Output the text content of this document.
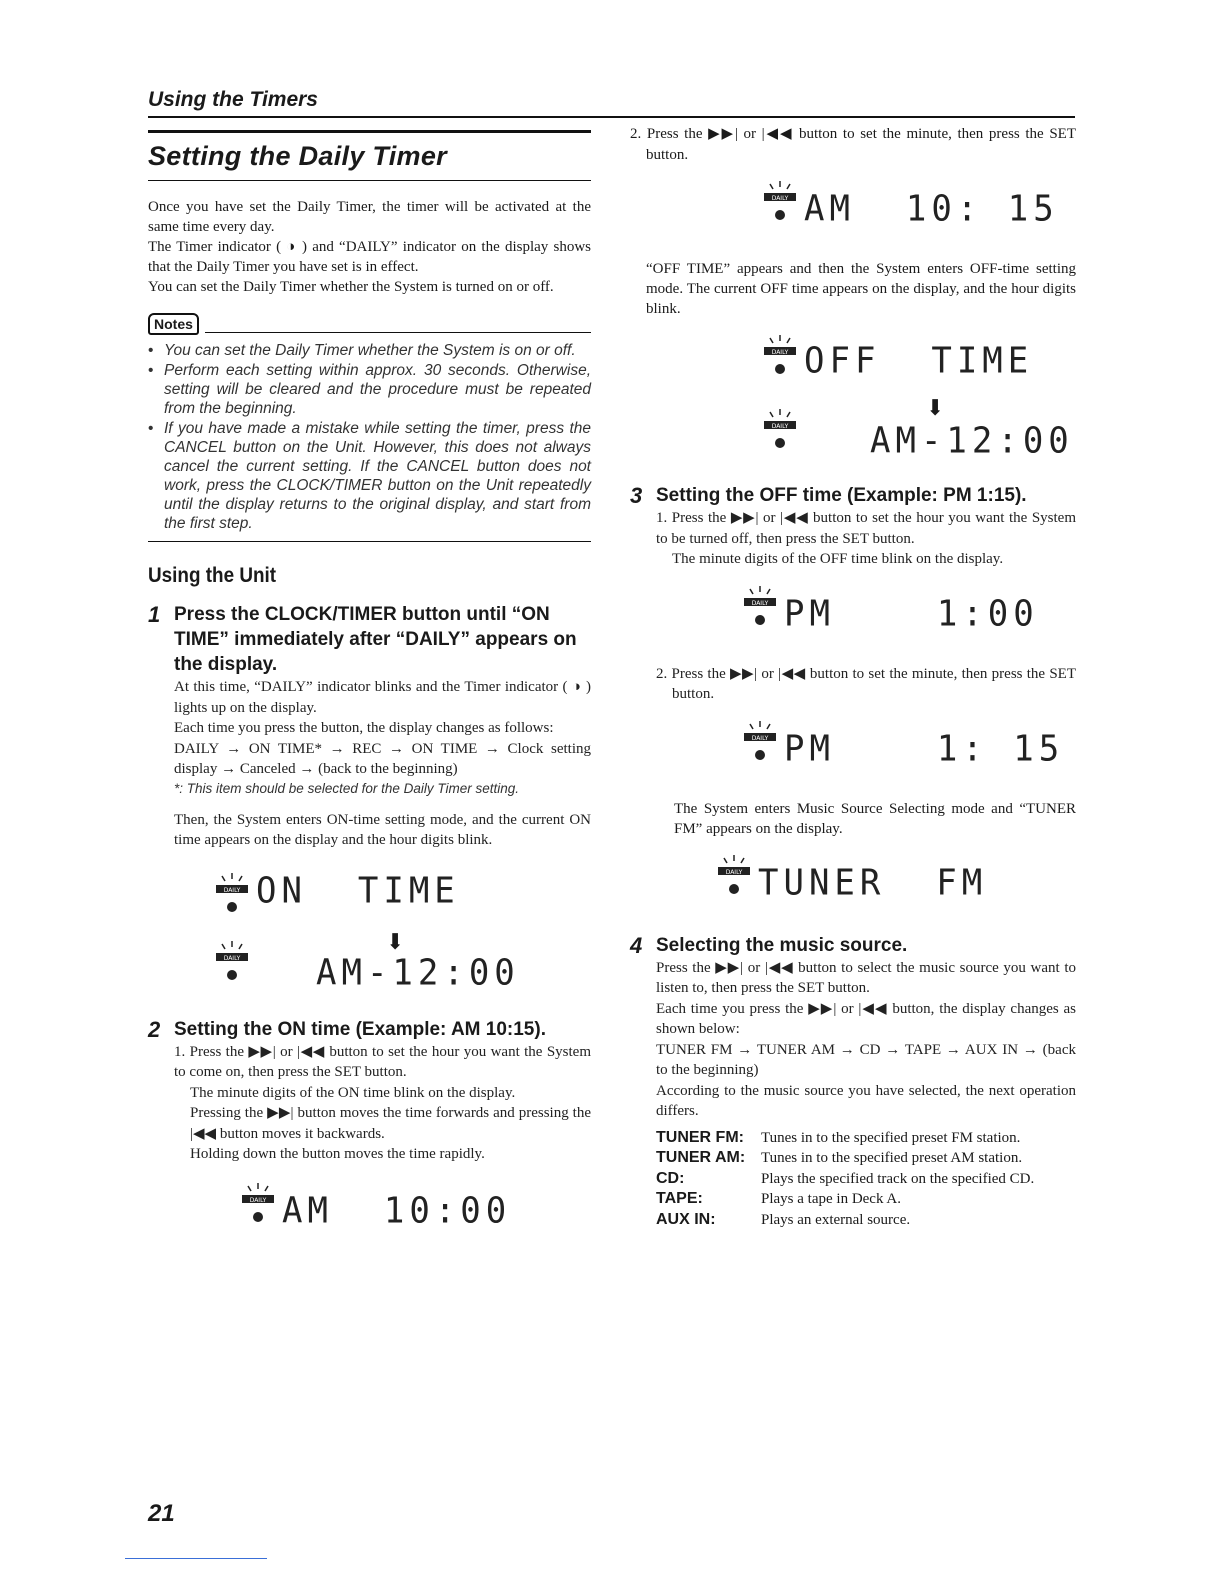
Using the Timers
Setting the Daily Timer

Once you have set the Daily Timer, the timer will be activated at the same time every day.

The Timer indicator ( ◑ ) and “DAILY” indicator on the display shows that the Daily Timer you have set is in effect.

You can set the Daily Timer whether the System is turned on or off.

Notes
• You can set the Daily Timer whether the System is on or off.
• Perform each setting within approx. 30 seconds. Otherwise, setting will be cleared and the procedure must be repeated from the beginning.
• If you have made a mistake while setting the timer, press the CANCEL button on the Unit. However, this does not always cancel the current setting. If the CANCEL button does not work, press the CLOCK/TIMER button on the Unit repeatedly until the display returns to the original display, and start from the first step.
Using the Unit
1 Press the CLOCK/TIMER button until “ON TIME” immediately after “DAILY” appears on the display.

At this time, “DAILY” indicator blinks and the Timer indicator ( ◑ ) lights up on the display.

Each time you press the button, the display changes as follows:

DAILY → ON TIME* → REC → ON TIME → Clock setting display → Canceled → (back to the beginning)

*: This item should be selected for the Daily Timer setting.

Then, the System enters ON-time setting mode, and the current ON time appears on the display and the hour digits blink.

DAILY ON  TIME
⬇
DAILY AM-12:00
2 Setting the ON time (Example: AM 10:15).

1. Press the ▶▶| or |◀◀ button to set the hour you want the System to come on, then press the SET button.

The minute digits of the ON time blink on the display.

Pressing the ▶▶| button moves the time forwards and pressing the |◀◀ button moves it backwards.

Holding down the button moves the time rapidly.

DAILY AM  10:00
2. Press the ▶▶| or |◀◀ button to set the minute, then press the SET button.
DAILY AM  10: 15

“OFF TIME” appears and then the System enters OFF-time setting mode. The current OFF time appears on the display, and the hour digits blink.

DAILY OFF  TIME
⬇
DAILY AM-12:00
3 Setting the OFF time (Example: PM 1:15).

1. Press the ▶▶| or |◀◀ button to set the hour you want the System to be turned off, then press the SET button.

The minute digits of the OFF time blink on the display.

DAILY PM    1:00

2. Press the ▶▶| or |◀◀ button to set the minute, then press the SET button.

DAILY PM    1: 15

The System enters Music Source Selecting mode and “TUNER FM” appears on the display.

DAILY TUNER  FM
4 Selecting the music source.

Press the ▶▶| or |◀◀ button to select the music source you want to listen to, then press the SET button.

Each time you press the ▶▶| or |◀◀ button, the display changes as shown below:

TUNER FM → TUNER AM → CD → TAPE → AUX IN → (back to the beginning)

According to the music source you have selected, the next operation differs.

TUNER FM:	Tunes in to the specified preset FM station.
TUNER AM:	Tunes in to the specified preset AM station.
CD:	Plays the specified track on the specified CD.
TAPE:	Plays a tape in Deck A.
AUX IN:	Plays an external source.
21
